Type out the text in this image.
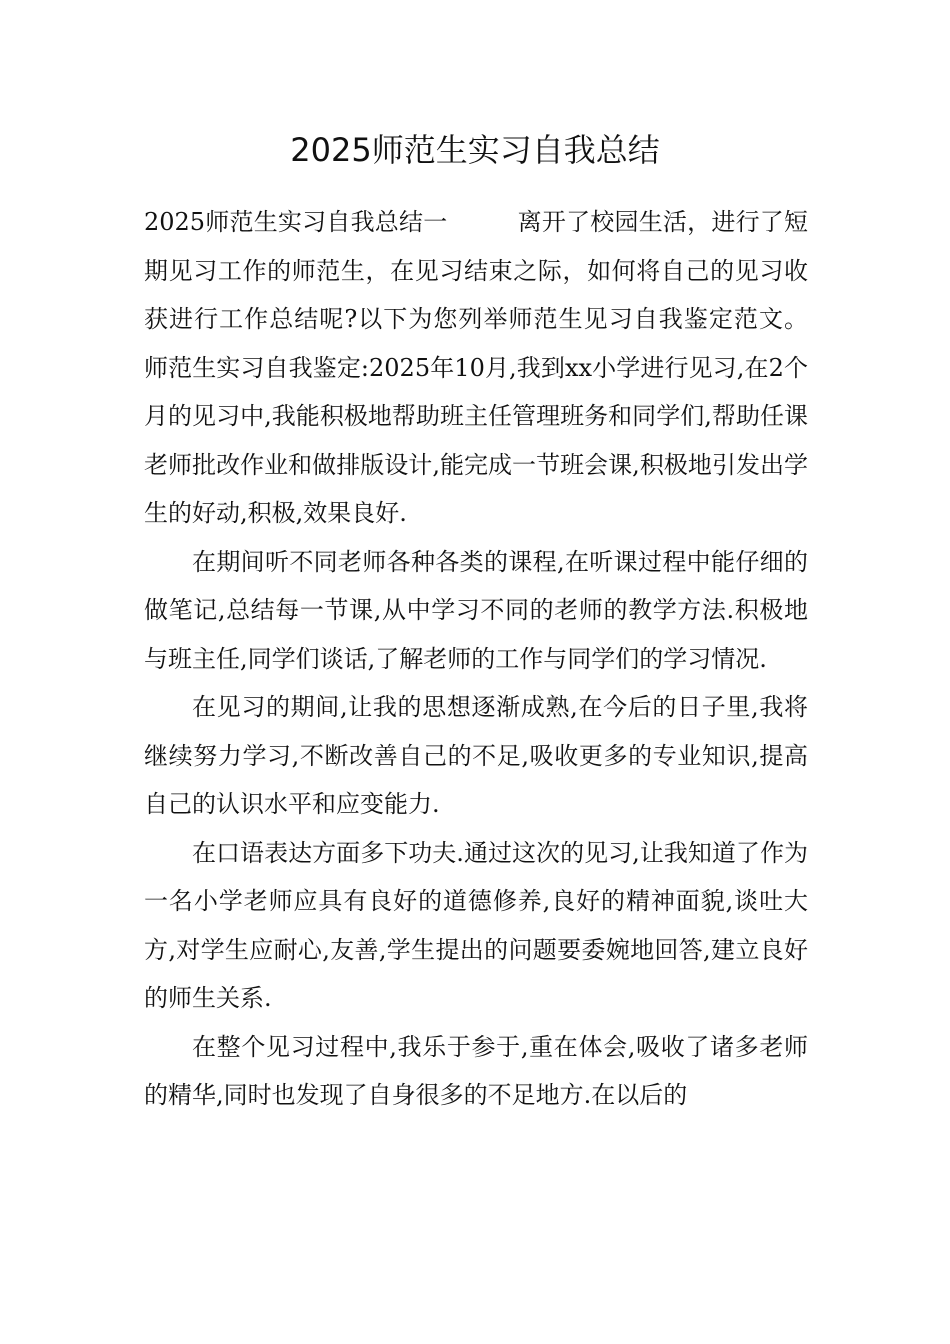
2025师范生实习自我总结

2025师范生实习自我总结一	离开了校园生活，进行了短期见习工作的师范生，在见习结束之际，如何将自己的见习收获进行工作总结呢?以下为您列举师范生见习自我鉴定范文。 师范生实习自我鉴定:2025年10月,我到xx小学进行见习,在2个月的见习中,我能积极地帮助班主任管理班务和同学们,帮助任课老师批改作业和做排版设计,能完成一节班会课,积极地引发出学生的好动,积极,效果良好.

在期间听不同老师各种各类的课程,在听课过程中能仔细的做笔记,总结每一节课,从中学习不同的老师的教学方法.积极地与班主任,同学们谈话,了解老师的工作与同学们的学习情况.

在见习的期间,让我的思想逐渐成熟,在今后的日子里,我将继续努力学习,不断改善自己的不足,吸收更多的专业知识,提高自己的认识水平和应变能力.

在口语表达方面多下功夫.通过这次的见习,让我知道了作为一名小学老师应具有良好的道德修养,良好的精神面貌,谈吐大方,对学生应耐心,友善,学生提出的问题要委婉地回答,建立良好的师生关系.

在整个见习过程中,我乐于参于,重在体会,吸收了诸多老师的精华,同时也发现了自身很多的不足地方.在以后的
